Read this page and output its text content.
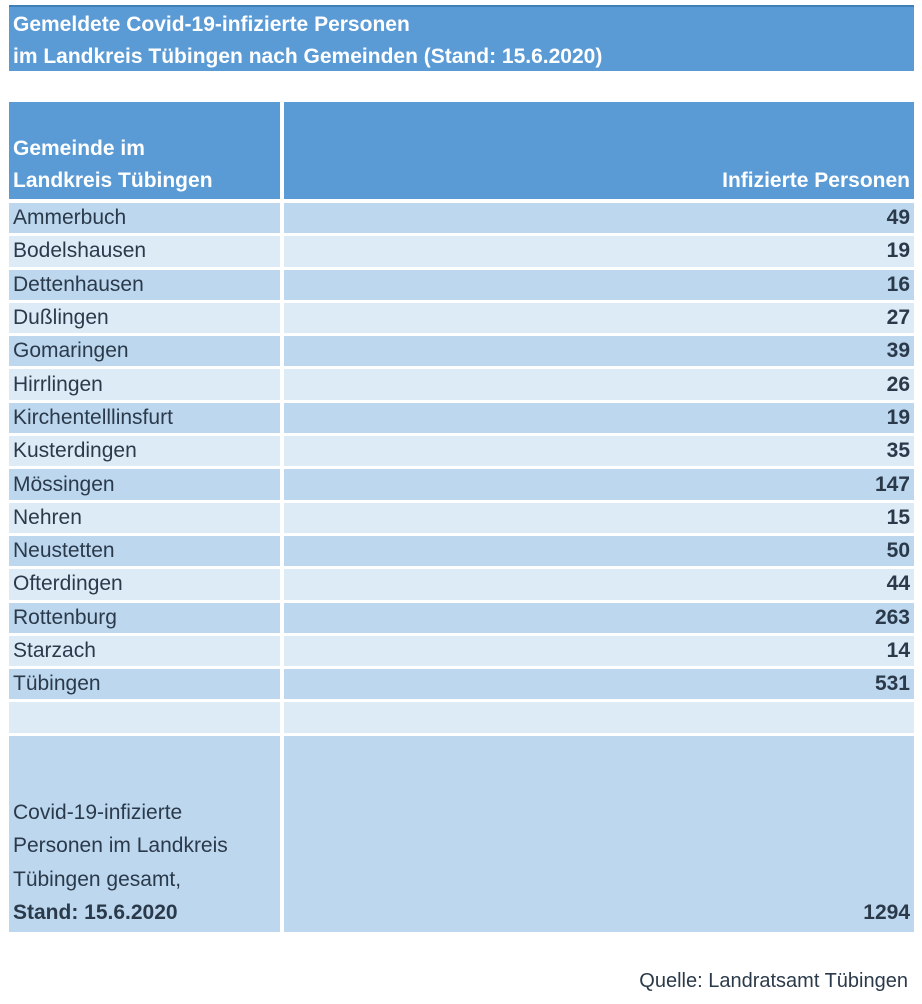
Gemeldete Covid-19-infizierte Personen
im Landkreis Tübingen nach Gemeinden (Stand: 15.6.2020)
Gemeinde im
Landkreis Tübingen	Infizierte Personen
Ammerbuch	49
Bodelshausen	19
Dettenhausen	16
Dußlingen	27
Gomaringen	39
Hirrlingen	26
Kirchentelllinsfurt	19
Kusterdingen	35
Mössingen	147
Nehren	15
Neustetten	50
Ofterdingen	44
Rottenburg	263
Starzach	14
Tübingen	531

Covid-19-infizierte
Personen im Landkreis
Tübingen gesamt,
Stand: 15.6.2020	1294
Quelle: Landratsamt Tübingen
